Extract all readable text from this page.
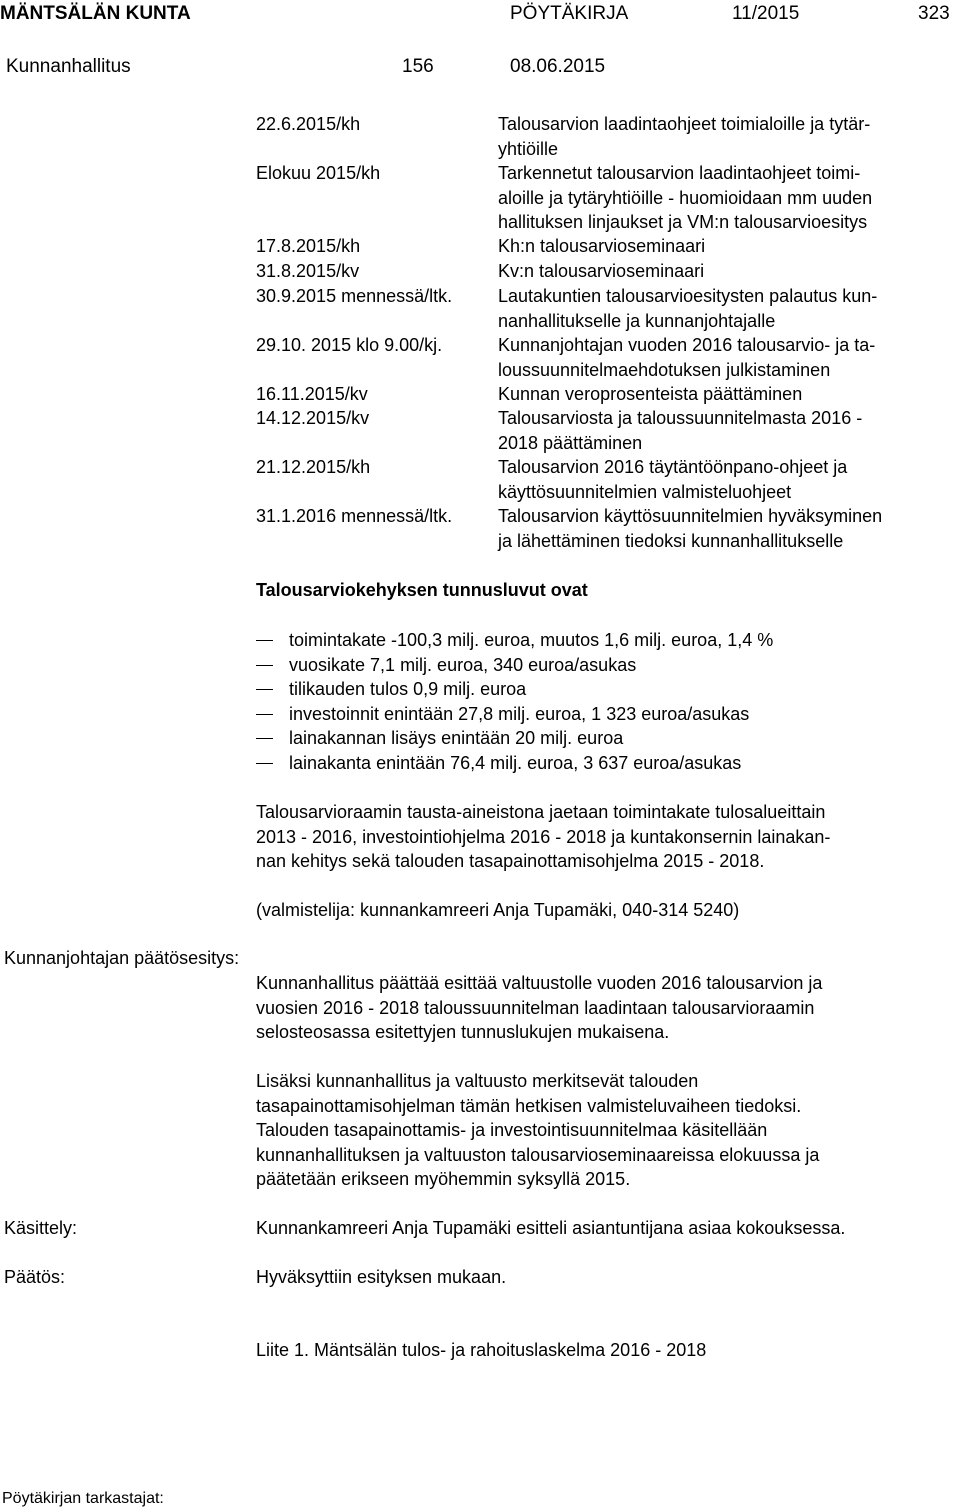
MÄNTSÄLÄN KUNTA	PÖYTÄKIRJA	11/2015	323
Kunnanhallitus	156	08.06.2015
22.6.2015/kh	Talousarvion laadintaohjeet toimialoille ja tytär-
yhtiöille
Elokuu 2015/kh	Tarkennetut talousarvion laadintaohjeet toimi-
aloille ja tytäryhtiöille - huomioidaan mm uuden
hallituksen linjaukset ja VM:n talousarvioesitys
17.8.2015/kh	Kh:n talousarvioseminaari
31.8.2015/kv	Kv:n talousarvioseminaari
30.9.2015 mennessä/ltk.	Lautakuntien talousarvioesitysten palautus kun-
nanhallitukselle ja kunnanjohtajalle
29.10. 2015 klo 9.00/kj.	Kunnanjohtajan vuoden 2016 talousarvio- ja ta-
loussuunnitelmaehdotuksen julkistaminen
16.11.2015/kv	Kunnan veroprosenteista päättäminen
14.12.2015/kv	Talousarviosta ja taloussuunnitelmasta 2016 -
2018 päättäminen
21.12.2015/kh	Talousarvion 2016 täytäntöönpano-ohjeet ja
käyttösuunnitelmien valmisteluohjeet
31.1.2016 mennessä/ltk.	Talousarvion käyttösuunnitelmien hyväksyminen
ja lähettäminen tiedoksi kunnanhallitukselle
Talousarviokehyksen tunnusluvut ovat
toimintakate -100,3 milj. euroa, muutos 1,6 milj. euroa, 1,4 %
vuosikate 7,1 milj. euroa, 340 euroa/asukas
tilikauden tulos 0,9 milj. euroa
investoinnit enintään 27,8 milj. euroa, 1 323 euroa/asukas
lainakannan lisäys enintään 20 milj. euroa
lainakanta enintään 76,4 milj. euroa, 3 637 euroa/asukas
Talousarvioraamin tausta-aineistona jaetaan toimintakate tulosalueittain
2013 - 2016, investointiohjelma 2016 - 2018 ja kuntakonsernin lainakan-
nan kehitys sekä talouden tasapainottamisohjelma 2015 - 2018.
(valmistelija: kunnankamreeri Anja Tupamäki, 040-314 5240)
Kunnanjohtajan päätösesitys:
Kunnanhallitus päättää esittää valtuustolle vuoden 2016 talousarvion ja
vuosien 2016 - 2018 taloussuunnitelman laadintaan talousarvioraamin
selosteosassa esitettyjen tunnuslukujen mukaisena.
Lisäksi kunnanhallitus ja valtuusto merkitsevät talouden
tasapainottamisohjelman tämän hetkisen valmisteluvaiheen tiedoksi.
Talouden tasapainottamis- ja investointisuunnitelmaa käsitellään
kunnanhallituksen ja valtuuston talousarvioseminaareissa elokuussa ja
päätetään erikseen myöhemmin syksyllä 2015.
Käsittely:	Kunnankamreeri Anja Tupamäki esitteli asiantuntijana asiaa kokouksessa.
Päätös:	Hyväksyttiin esityksen mukaan.
Liite 1. Mäntsälän tulos- ja rahoituslaskelma 2016 - 2018
Pöytäkirjan tarkastajat:
